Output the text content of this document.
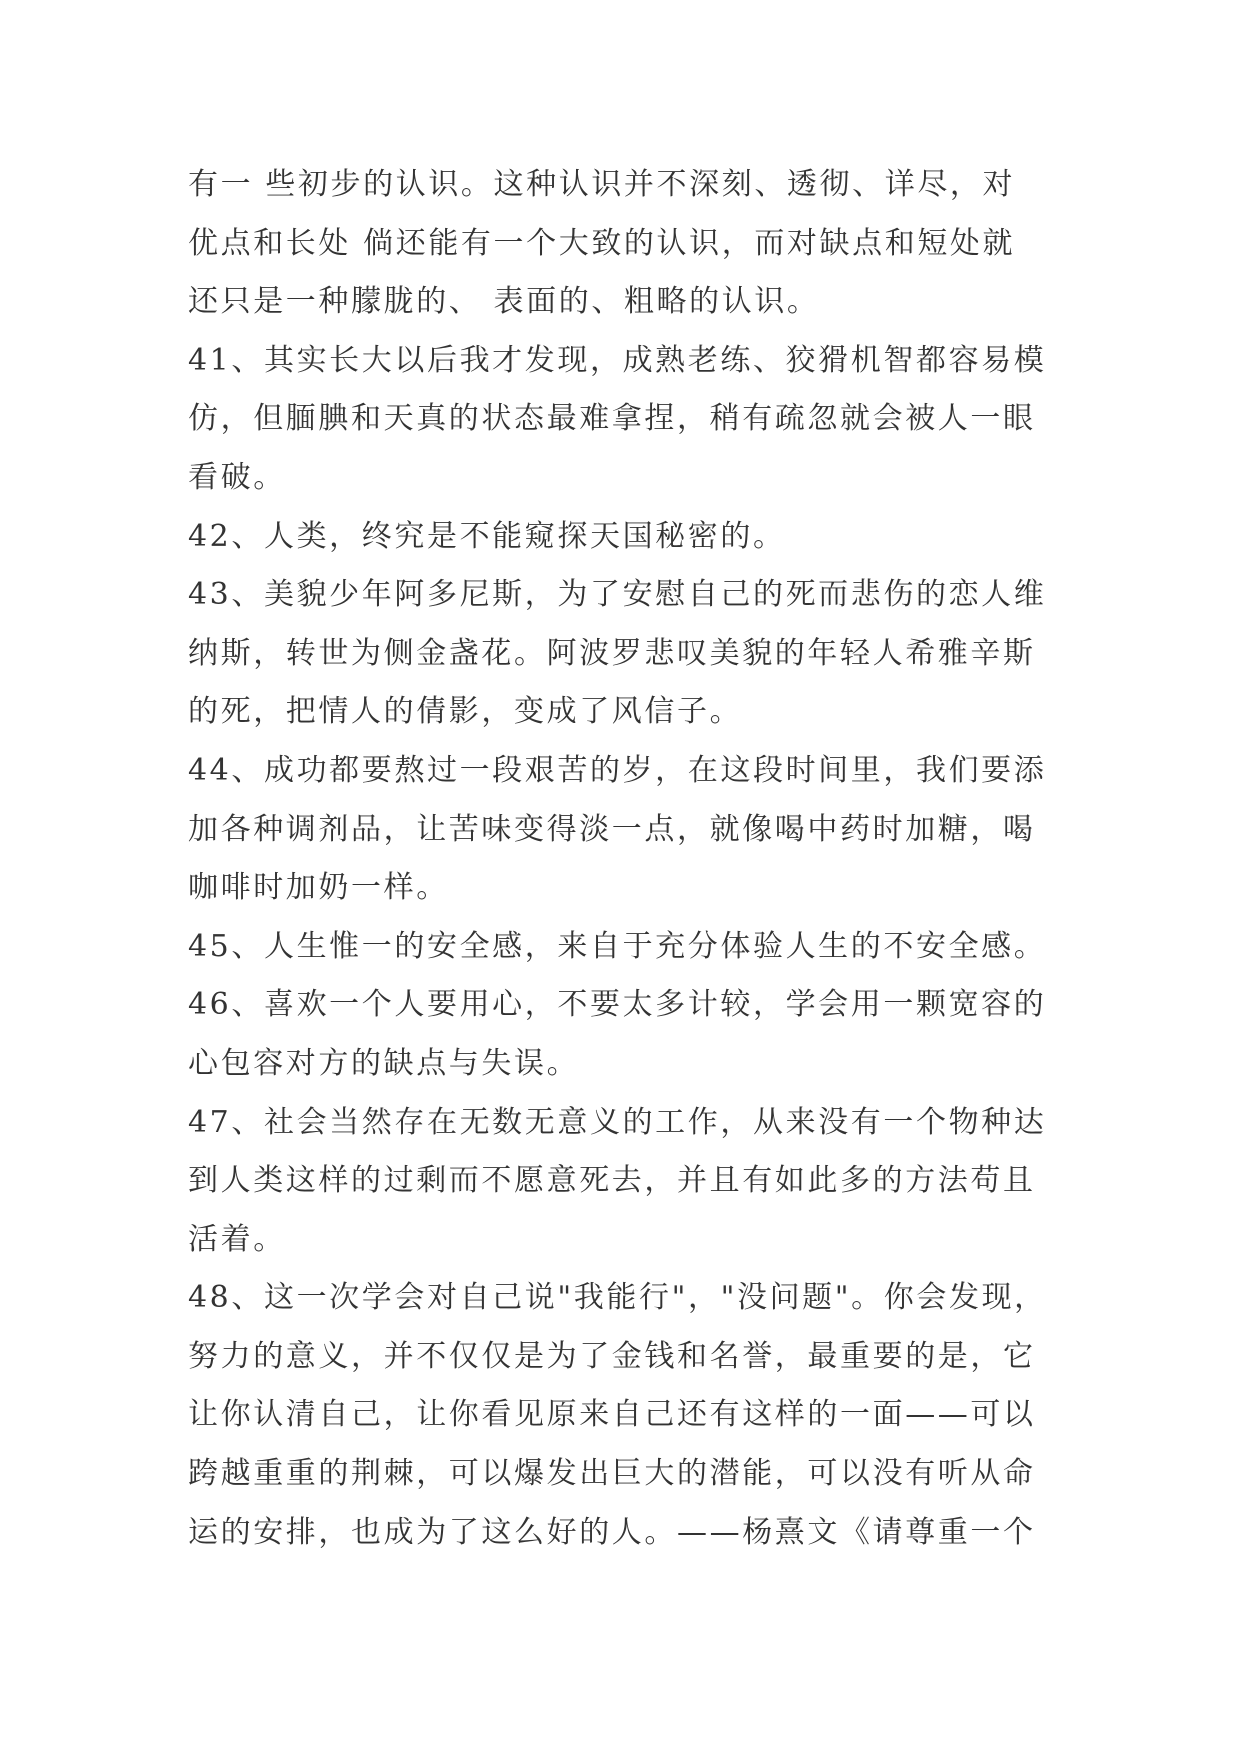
有一 些初步的认识。这种认识并不深刻、透彻、详尽，对

优点和长处 倘还能有一个大致的认识，而对缺点和短处就

还只是一种朦胧的、 表面的、粗略的认识。

41、其实长大以后我才发现，成熟老练、狡猾机智都容易模

仿，但腼腆和天真的状态最难拿捏，稍有疏忽就会被人一眼

看破。

42、人类，终究是不能窥探天国秘密的。

43、美貌少年阿多尼斯，为了安慰自己的死而悲伤的恋人维

纳斯，转世为侧金盏花。阿波罗悲叹美貌的年轻人希雅辛斯

的死，把情人的倩影，变成了风信子。

44、成功都要熬过一段艰苦的岁，在这段时间里，我们要添

加各种调剂品，让苦味变得淡一点，就像喝中药时加糖，喝

咖啡时加奶一样。

45、人生惟一的安全感，来自于充分体验人生的不安全感。

46、喜欢一个人要用心，不要太多计较，学会用一颗宽容的

心包容对方的缺点与失误。

47、社会当然存在无数无意义的工作，从来没有一个物种达

到人类这样的过剩而不愿意死去，并且有如此多的方法苟且

活着。

48、这一次学会对自己说"我能行"，"没问题"。你会发现，

努力的意义，并不仅仅是为了金钱和名誉，最重要的是，它

让你认清自己，让你看见原来自己还有这样的一面——可以

跨越重重的荆棘，可以爆发出巨大的潜能，可以没有听从命

运的安排，也成为了这么好的人。——杨熹文《请尊重一个
